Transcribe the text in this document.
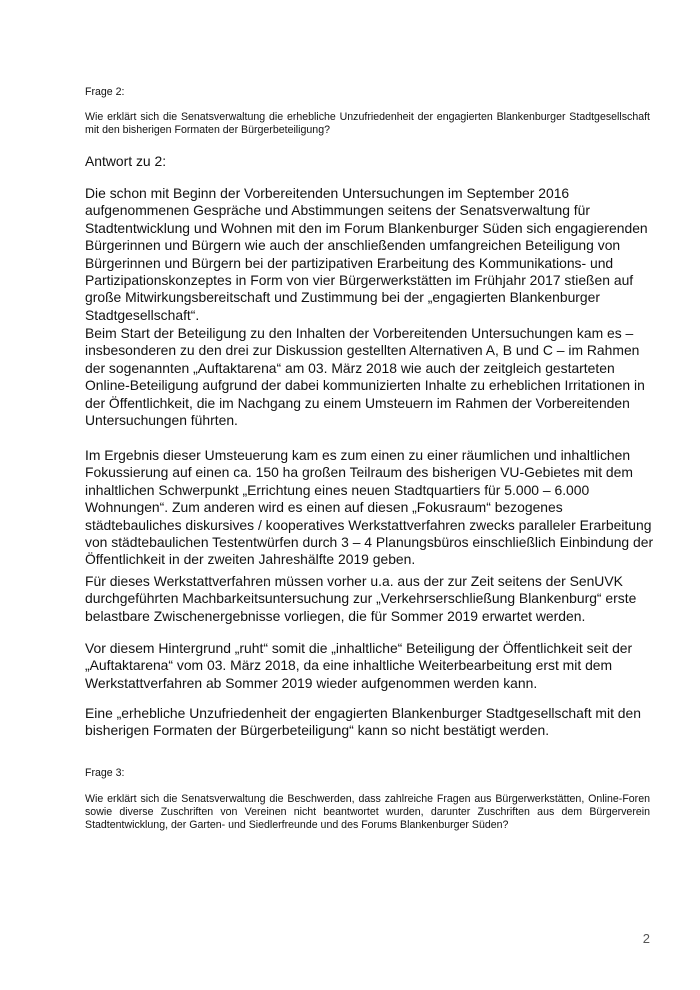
Frage 2:

Wie erklärt sich die Senatsverwaltung die erhebliche Unzufriedenheit der engagierten Blankenburger Stadtgesellschaft mit den bisherigen Formaten der Bürgerbeteiligung?

Antwort zu 2:

Die schon mit Beginn der Vorbereitenden Untersuchungen im September 2016 aufgenommenen Gespräche und Abstimmungen seitens der Senatsverwaltung für Stadtentwicklung und Wohnen mit den im Forum Blankenburger Süden sich engagierenden Bürgerinnen und Bürgern wie auch der anschließenden umfangreichen Beteiligung von Bürgerinnen und Bürgern bei der partizipativen Erarbeitung des Kommunikations- und Partizipationskonzeptes in Form von vier Bürgerwerkstätten im Frühjahr 2017 stießen auf große Mitwirkungsbereitschaft und Zustimmung bei der „engagierten Blankenburger Stadtgesellschaft“.

Beim Start der Beteiligung zu den Inhalten der Vorbereitenden Untersuchungen kam es – insbesonderen zu den drei zur Diskussion gestellten Alternativen A, B und C – im Rahmen der sogenannten „Auftaktarena“ am 03. März 2018 wie auch der zeitgleich gestarteten Online-Beteiligung aufgrund der dabei kommunizierten Inhalte zu erheblichen Irritationen in der Öffentlichkeit, die im Nachgang zu einem Umsteuern im Rahmen der Vorbereitenden Untersuchungen führten.

Im Ergebnis dieser Umsteuerung kam es zum einen zu einer räumlichen und inhaltlichen Fokussierung auf einen ca. 150 ha großen Teilraum des bisherigen VU-Gebietes mit dem inhaltlichen Schwerpunkt „Errichtung eines neuen Stadtquartiers für 5.000 – 6.000 Wohnungen“. Zum anderen wird es einen auf diesen „Fokusraum“ bezogenes städtebauliches diskursives / kooperatives Werkstattverfahren zwecks paralleler Erarbeitung von städtebaulichen Testentwürfen durch 3 – 4 Planungsbüros einschließlich Einbindung der Öffentlichkeit in der zweiten Jahreshälfte 2019 geben.

Für dieses Werkstattverfahren müssen vorher u.a. aus der zur Zeit seitens der SenUVK durchgeführten Machbarkeitsuntersuchung zur „Verkehrserschließung Blankenburg“ erste belastbare Zwischenergebnisse vorliegen, die für Sommer 2019 erwartet werden.

Vor diesem Hintergrund „ruht“ somit die „inhaltliche“ Beteiligung der Öffentlichkeit seit der „Auftaktarena“ vom 03. März 2018, da eine inhaltliche Weiterbearbeitung erst mit dem Werkstattverfahren ab Sommer 2019 wieder aufgenommen werden kann.

Eine „erhebliche Unzufriedenheit der engagierten Blankenburger Stadtgesellschaft mit den bisherigen Formaten der Bürgerbeteiligung“ kann so nicht bestätigt werden.

Frage 3:

Wie erklärt sich die Senatsverwaltung die Beschwerden, dass zahlreiche Fragen aus Bürgerwerkstätten, Online-Foren sowie diverse Zuschriften von Vereinen nicht beantwortet wurden, darunter Zuschriften aus dem Bürgerverein Stadtentwicklung, der Garten- und Siedlerfreunde und des Forums Blankenburger Süden?

2
